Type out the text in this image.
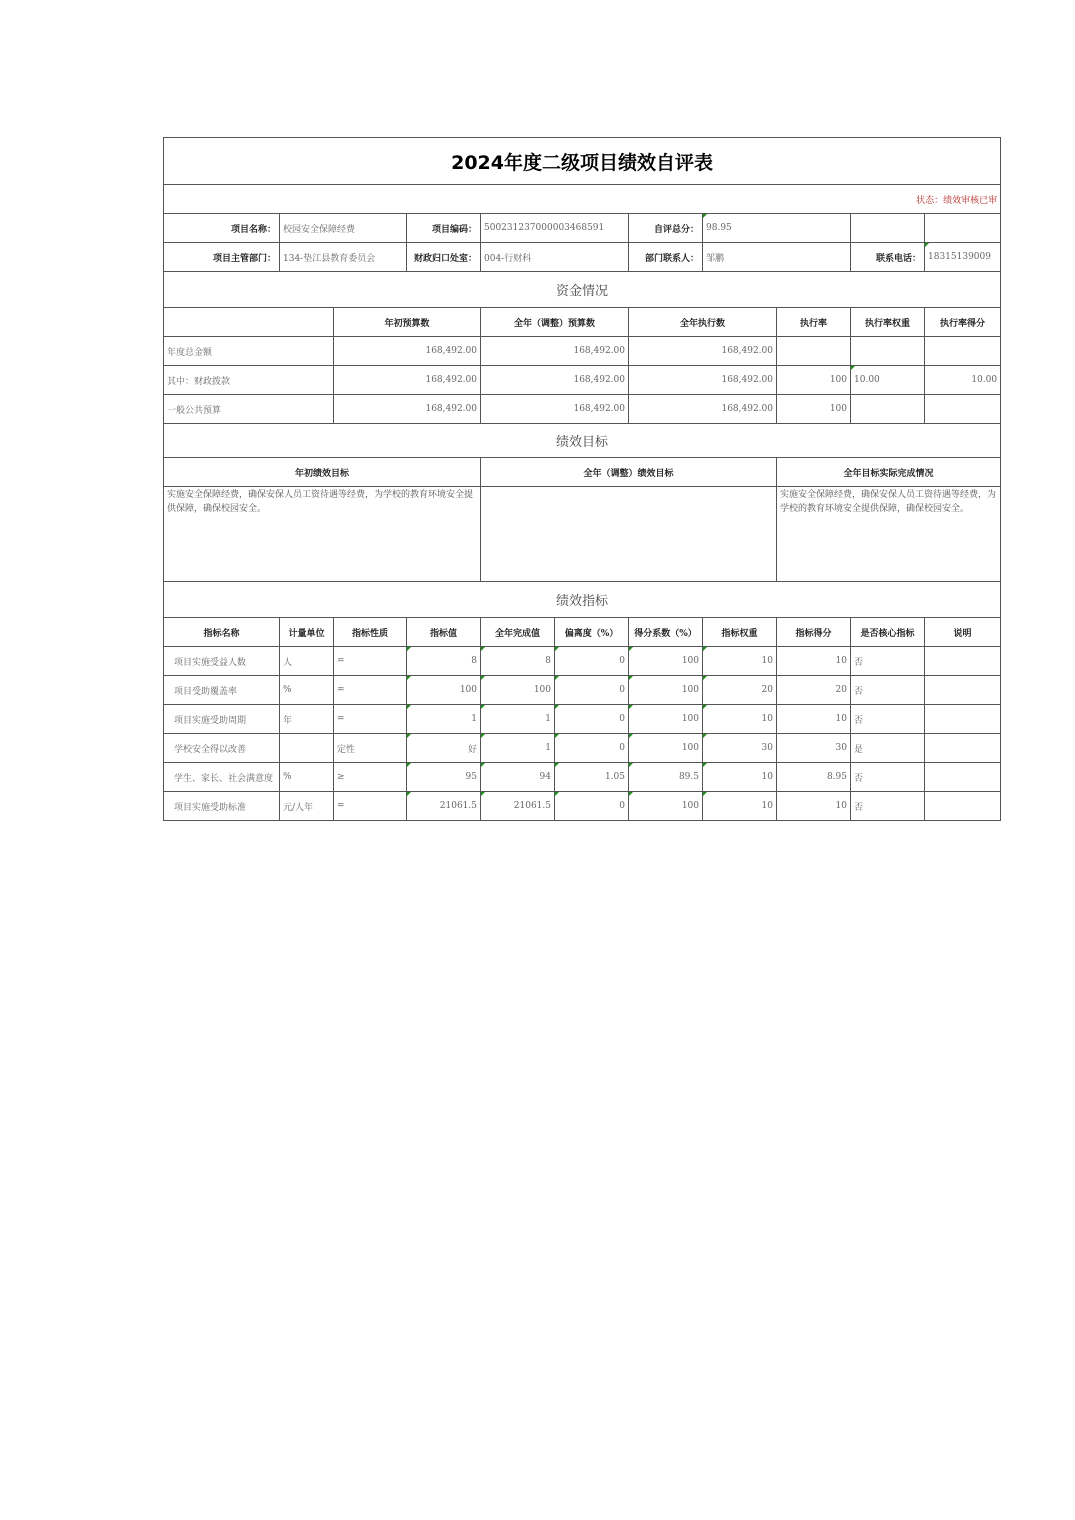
2024年度二级项目绩效自评表										
状态：绩效审核已审										
项目名称：	校园安全保障经费		项目编码：	500231237000003468591		自评总分：	98.95			
项目主管部门：	134-垫江县教育委员会		财政归口处室：	004-行财科		部门联系人：	邹鹏		联系电话：	18315139009
资金情况										
		年初预算数		全年（调整）预算数		全年执行数		执行率	执行率权重	执行率得分
年度总金额		168,492.00		168,492.00		168,492.00				
其中：财政拨款		168,492.00		168,492.00		168,492.00		100	10.00	10.00
一般公共预算		168,492.00		168,492.00		168,492.00		100		
绩效目标										
年初绩效目标				全年（调整）绩效目标				全年目标实际完成情况		
实施安全保障经费，确保安保人员工资待遇等经费，为学校的教育环境安全提供保障，确保校园安全。								实施安全保障经费，确保安保人员工资待遇等经费，为学校的教育环境安全提供保障，确保校园安全。		
绩效指标										
指标名称	计量单位	指标性质	指标值	全年完成值	偏离度（%）	得分系数（%）	指标权重	指标得分	是否核心指标	说明
项目实施受益人数	人	=	8	8	0	100	10	10	否	
项目受助覆盖率	%	=	100	100	0	100	20	20	否	
项目实施受助周期	年	=	1	1	0	100	10	10	否	
学校安全得以改善		定性	好	1	0	100	30	30	是	
学生、家长、社会满意度	%	≥	95	94	1.05	89.5	10	8.95	否	
项目实施受助标准	元/人年	=	21061.5	21061.5	0	100	10	10	否	
